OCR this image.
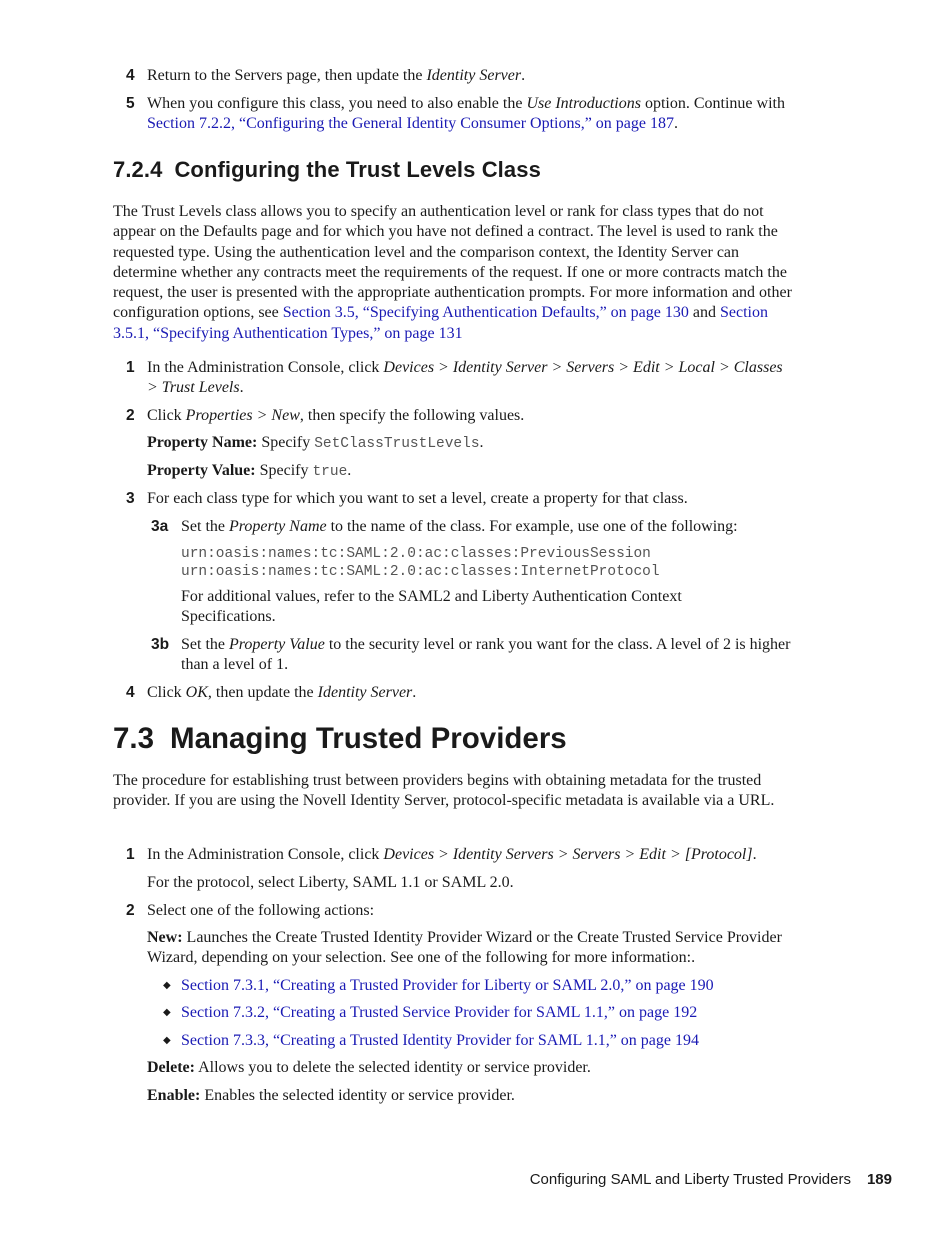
4 Return to the Servers page, then update the Identity Server.
5 When you configure this class, you need to also enable the Use Introductions option. Continue with Section 7.2.2, “Configuring the General Identity Consumer Options,” on page 187.
7.2.4 Configuring the Trust Levels Class
The Trust Levels class allows you to specify an authentication level or rank for class types that do not appear on the Defaults page and for which you have not defined a contract. The level is used to rank the requested type. Using the authentication level and the comparison context, the Identity Server can determine whether any contracts meet the requirements of the request. If one or more contracts match the request, the user is presented with the appropriate authentication prompts. For more information and other configuration options, see Section 3.5, “Specifying Authentication Defaults,” on page 130 and Section 3.5.1, “Specifying Authentication Types,” on page 131
1 In the Administration Console, click Devices > Identity Server > Servers > Edit > Local > Classes > Trust Levels.
2 Click Properties > New, then specify the following values.
Property Name: Specify SetClassTrustLevels.
Property Value: Specify true.
3 For each class type for which you want to set a level, create a property for that class.
3a Set the Property Name to the name of the class. For example, use one of the following:
urn:oasis:names:tc:SAML:2.0:ac:classes:PreviousSession
urn:oasis:names:tc:SAML:2.0:ac:classes:InternetProtocol
For additional values, refer to the SAML2 and Liberty Authentication Context Specifications.
3b Set the Property Value to the security level or rank you want for the class. A level of 2 is higher than a level of 1.
4 Click OK, then update the Identity Server.
7.3 Managing Trusted Providers
The procedure for establishing trust between providers begins with obtaining metadata for the trusted provider. If you are using the Novell Identity Server, protocol-specific metadata is available via a URL.
1 In the Administration Console, click Devices > Identity Servers > Servers > Edit > [Protocol].
For the protocol, select Liberty, SAML 1.1 or SAML 2.0.
2 Select one of the following actions:
New: Launches the Create Trusted Identity Provider Wizard or the Create Trusted Service Provider Wizard, depending on your selection. See one of the following for more information:.
◆ Section 7.3.1, “Creating a Trusted Provider for Liberty or SAML 2.0,” on page 190
◆ Section 7.3.2, “Creating a Trusted Service Provider for SAML 1.1,” on page 192
◆ Section 7.3.3, “Creating a Trusted Identity Provider for SAML 1.1,” on page 194
Delete: Allows you to delete the selected identity or service provider.
Enable: Enables the selected identity or service provider.
Configuring SAML and Liberty Trusted Providers 189
